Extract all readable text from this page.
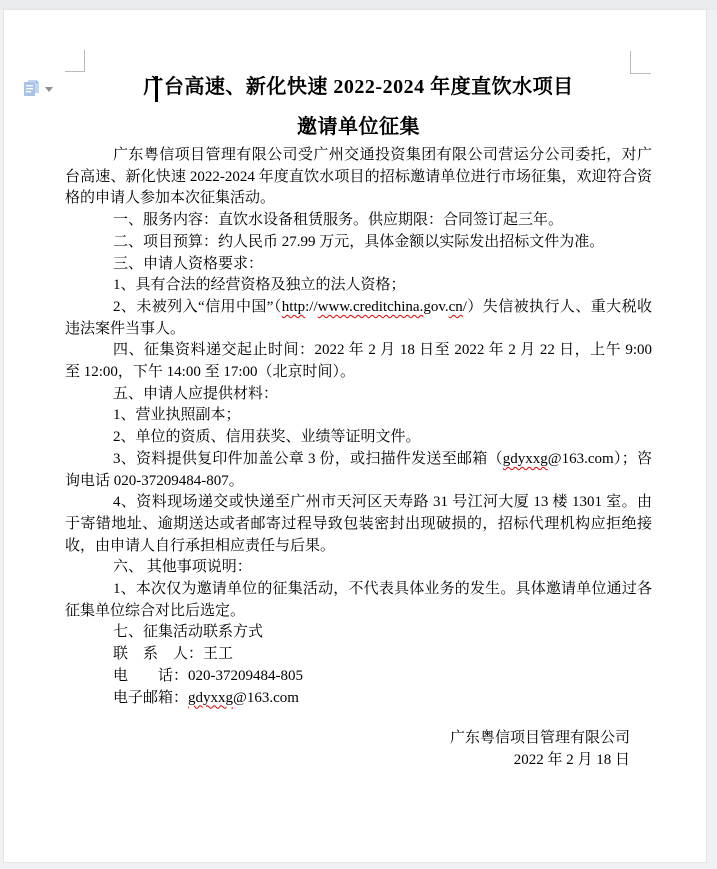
广台高速、新化快速 2022-2024 年度直饮水项目
邀请单位征集

广东粤信项目管理有限公司受广州交通投资集团有限公司营运分公司委托，对广台高速、新化快速 2022-2024 年度直饮水项目的招标邀请单位进行市场征集，欢迎符合资格的申请人参加本次征集活动。

一、服务内容：直饮水设备租赁服务。供应期限：合同签订起三年。

二、项目预算：约人民币 27.99 万元，具体金额以实际发出招标文件为准。

三、申请人资格要求：

1、具有合法的经营资格及独立的法人资格；

2、未被列入“信用中国”（http://www.creditchina.gov.cn/）失信被执行人、重大税收违法案件当事人。

四、征集资料递交起止时间：2022 年 2 月 18 日至 2022 年 2 月 22 日，上午 9:00 至 12:00，下午 14:00 至 17:00（北京时间）。

五、申请人应提供材料：

1、营业执照副本；

2、单位的资质、信用获奖、业绩等证明文件。

3、资料提供复印件加盖公章 3 份，或扫描件发送至邮箱（gdyxxg@163.com）；咨询电话 020-37209484-807。

4、资料现场递交或快递至广州市天河区天寿路 31 号江河大厦 13 楼 1301 室。由于寄错地址、逾期送达或者邮寄过程导致包装密封出现破损的，招标代理机构应拒绝接收，由申请人自行承担相应责任与后果。

六、 其他事项说明：

1、本次仅为邀请单位的征集活动，不代表具体业务的发生。具体邀请单位通过各征集单位综合对比后选定。

七、征集活动联系方式

联　系　人：王工

电　　话：020-37209484-805

电子邮箱：gdyxxg@163.com

广东粤信项目管理有限公司
2022 年 2 月 18 日
